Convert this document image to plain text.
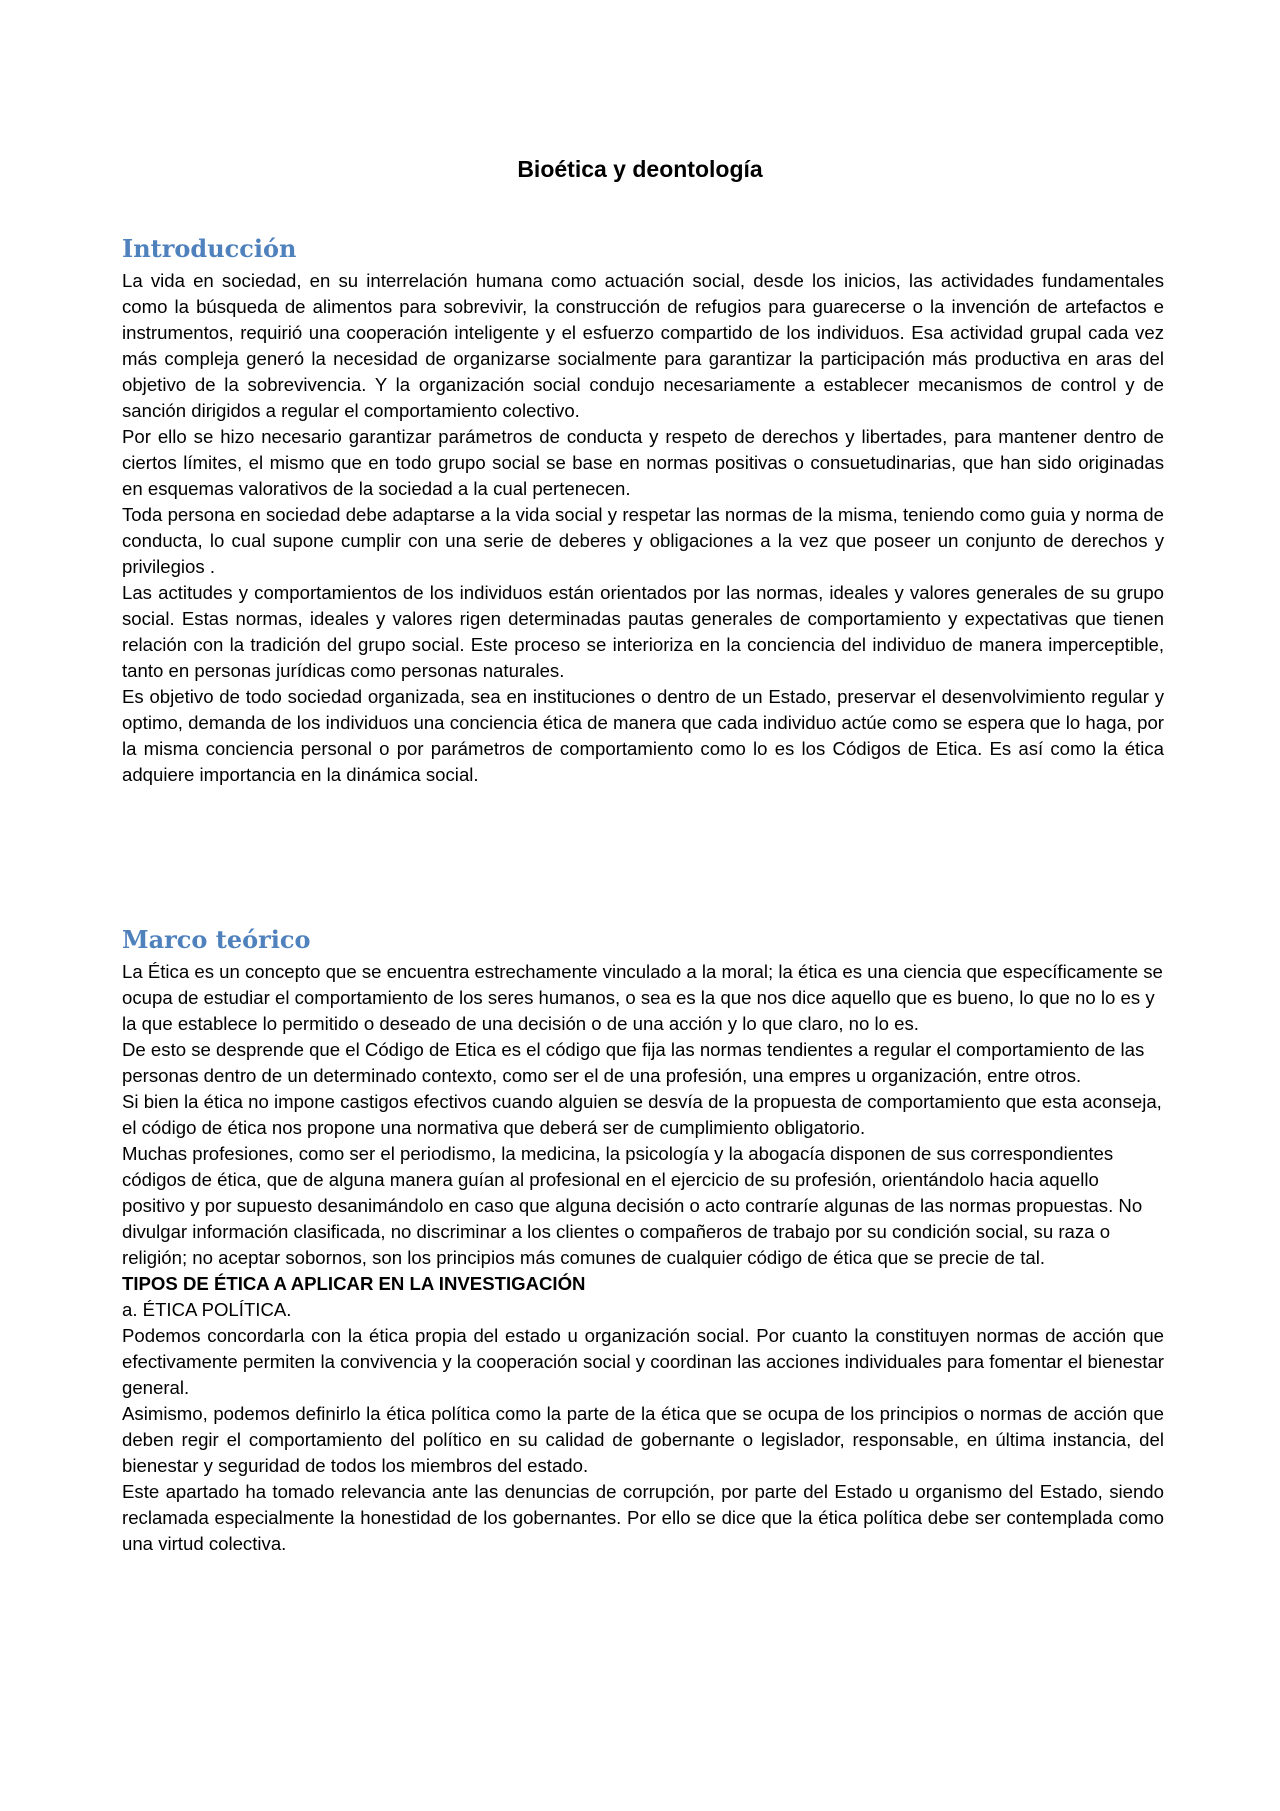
Bioética y deontología
Introducción

La vida en sociedad, en su interrelación humana como actuación social, desde los inicios, las actividades fundamentales como la búsqueda de alimentos para sobrevivir, la construcción de refugios para guarecerse o la invención de artefactos e instrumentos, requirió una cooperación inteligente y el esfuerzo compartido de los individuos. Esa actividad grupal cada vez más compleja generó la necesidad de organizarse socialmente para garantizar la participación más productiva en aras del objetivo de la sobrevivencia. Y la organización social condujo necesariamente a establecer mecanismos de control y de sanción dirigidos a regular el comportamiento colectivo.

Por ello se hizo necesario garantizar parámetros de conducta y respeto de derechos y libertades, para mantener dentro de ciertos límites, el mismo que en todo grupo social se base en normas positivas o consuetudinarias, que han sido originadas en esquemas valorativos de la sociedad a la cual pertenecen.

Toda persona en sociedad debe adaptarse a la vida social y respetar las normas de la misma, teniendo como guia y norma de conducta, lo cual supone cumplir con una serie de deberes y obligaciones a la vez que poseer un conjunto de derechos y privilegios .

Las actitudes y comportamientos de los individuos están orientados por las normas, ideales y valores generales de su grupo social. Estas normas, ideales y valores rigen determinadas pautas generales de comportamiento y expectativas que tienen relación con la tradición del grupo social. Este proceso se interioriza en la conciencia del individuo de manera imperceptible, tanto en personas jurídicas como personas naturales.

Es objetivo de todo sociedad organizada, sea en instituciones o dentro de un Estado, preservar el desenvolvimiento regular y optimo, demanda de los individuos una conciencia ética de manera que cada individuo actúe como se espera que lo haga, por la misma conciencia personal o por parámetros de comportamiento como lo es los Códigos de Etica. Es así como la ética adquiere importancia en la dinámica social.

Marco teórico

La Ética es un concepto que se encuentra estrechamente vinculado a la moral; la ética es una ciencia que específicamente se ocupa de estudiar el comportamiento de los seres humanos, o sea es la que nos dice aquello que es bueno, lo que no lo es y la que establece lo permitido o deseado de una decisión o de una acción y lo que claro, no lo es.

De esto se desprende que el Código de Etica es el código que fija las normas tendientes a regular el comportamiento de las personas dentro de un determinado contexto, como ser el de una profesión, una empres u organización, entre otros.

Si bien la ética no impone castigos efectivos cuando alguien se desvía de la propuesta de comportamiento que esta aconseja, el código de ética nos propone una normativa que deberá ser de cumplimiento obligatorio.

Muchas profesiones, como ser el periodismo, la medicina, la psicología y la abogacía disponen de sus correspondientes códigos de ética, que de alguna manera guían al profesional en el ejercicio de su profesión, orientándolo hacia aquello positivo y por supuesto desanimándolo en caso que alguna decisión o acto contraríe algunas de las normas propuestas. No divulgar información clasificada, no discriminar a los clientes o compañeros de trabajo por su condición social, su raza o religión; no aceptar sobornos, son los principios más comunes de cualquier código de ética que se precie de tal.

TIPOS DE ÉTICA A APLICAR EN LA INVESTIGACIÓN

a. ÉTICA POLÍTICA.

Podemos concordarla con la ética propia del estado u organización social. Por cuanto la constituyen normas de acción que efectivamente permiten la convivencia y la cooperación social y coordinan las acciones individuales para fomentar el bienestar general.

Asimismo, podemos definirlo la ética política como la parte de la ética que se ocupa de los principios o normas de acción que deben regir el comportamiento del político en su calidad de gobernante o legislador, responsable, en última instancia, del bienestar y seguridad de todos los miembros del estado.

Este apartado ha tomado relevancia ante las denuncias de corrupción, por parte del Estado u organismo del Estado, siendo reclamada especialmente la honestidad de los gobernantes. Por ello se dice que la ética política debe ser contemplada como una virtud colectiva.
